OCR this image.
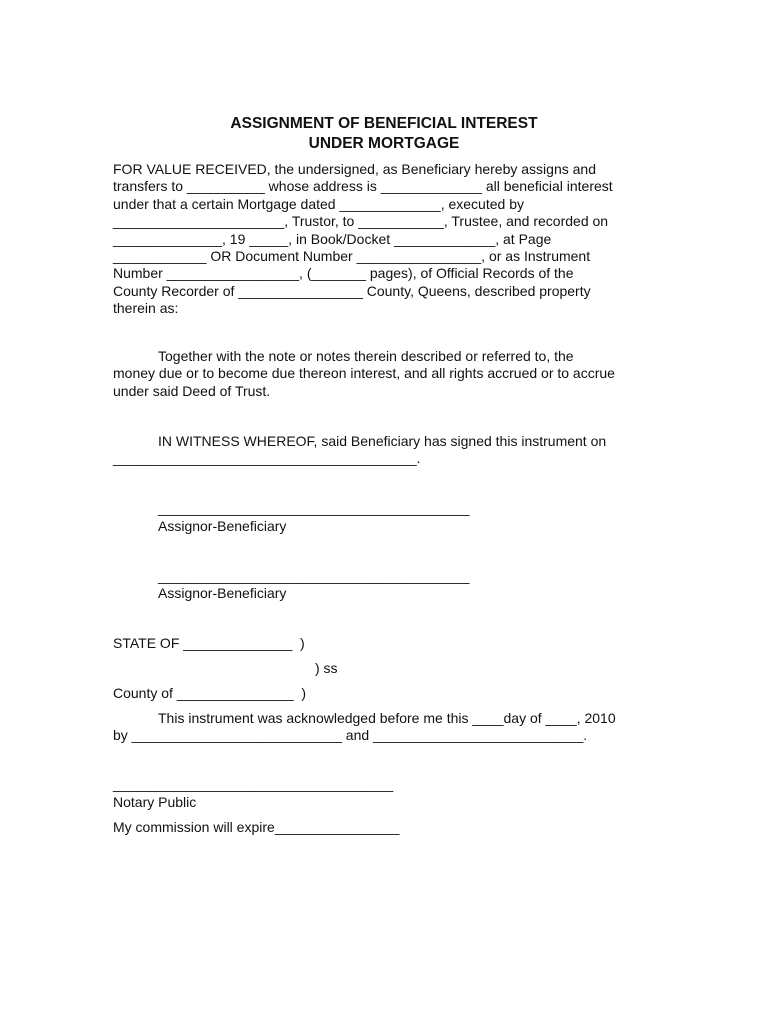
ASSIGNMENT OF BENEFICIAL INTEREST
UNDER MORTGAGE
FOR VALUE RECEIVED, the undersigned, as Beneficiary hereby assigns and
transfers to __________ whose address is _____________ all beneficial interest
under that a certain Mortgage dated _____________, executed by
______________________, Trustor, to ___________, Trustee, and recorded on
______________, 19 _____, in Book/Docket _____________, at Page
____________ OR Document Number ________________, or as Instrument
Number _________________, (_______ pages), of Official Records of the
County Recorder of ________________ County, Queens, described property
therein as:
Together with the note or notes therein described or referred to, the
money due or to become due thereon interest, and all rights accrued or to accrue
under said Deed of Trust.
IN WITNESS WHEREOF, said Beneficiary has signed this instrument on
_______________________________________.
________________________________________
Assignor-Beneficiary
________________________________________
Assignor-Beneficiary
STATE OF ______________  )
) ss
County of _______________  )
This instrument was acknowledged before me this ____day of ____, 2010
by ___________________________ and ___________________________.
____________________________________
Notary Public
My commission will expire________________
